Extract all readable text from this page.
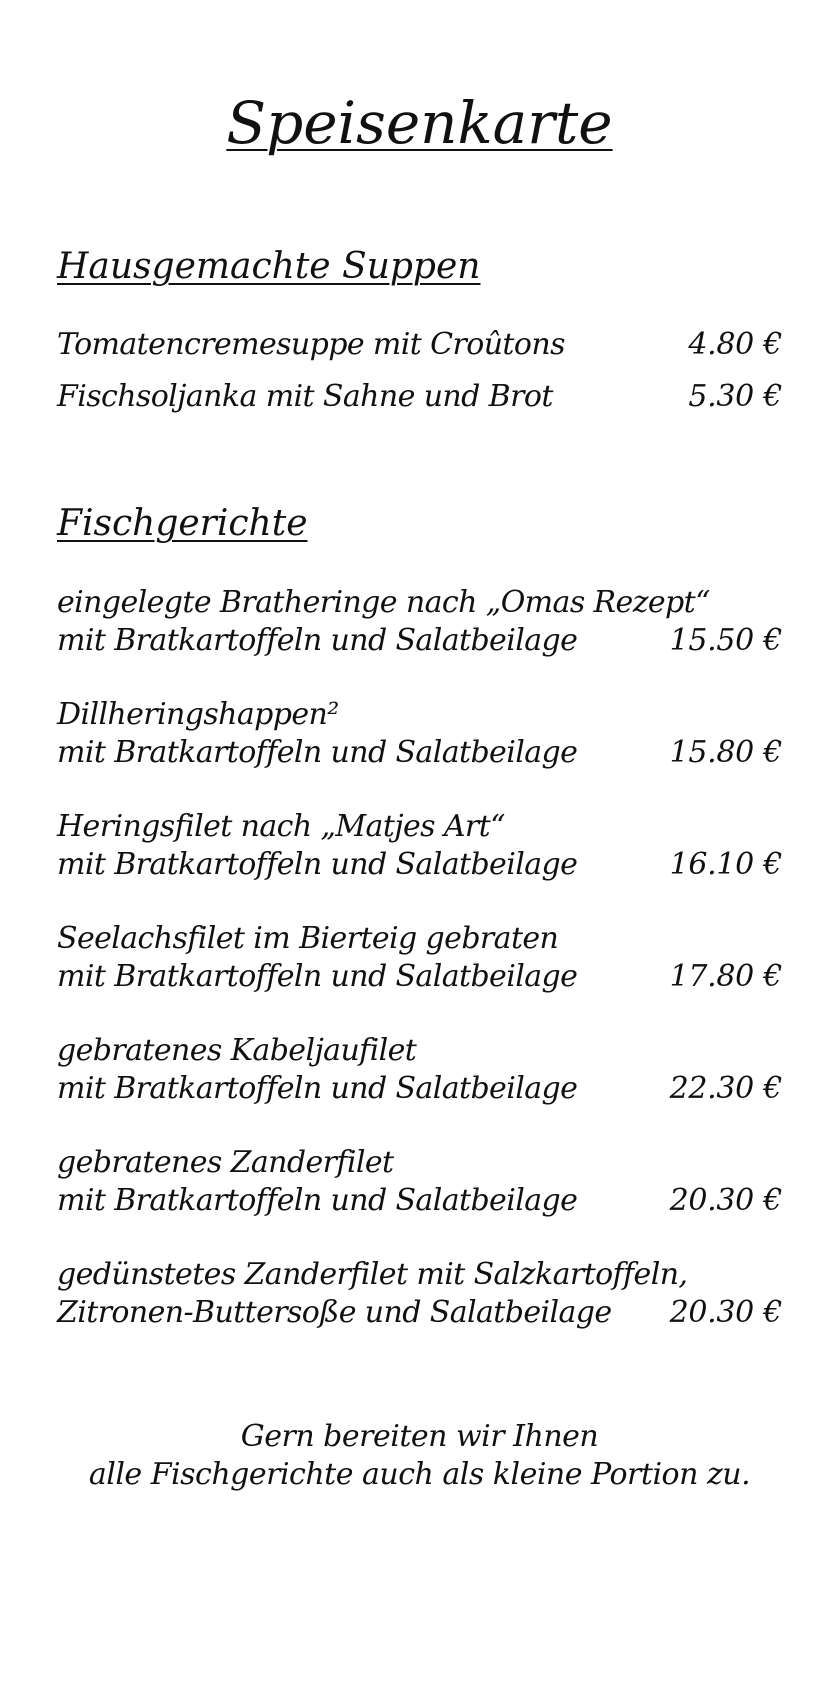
Speisenkarte
Hausgemachte Suppen
Tomatencremesuppe mit Croûtons	4.80 €
Fischsoljanka mit Sahne und Brot	5.30 €
Fischgerichte
eingelegte Bratheringe nach „Omas Rezept“
mit Bratkartoffeln und Salatbeilage	15.50 €
Dillheringshappen²
mit Bratkartoffeln und Salatbeilage	15.80 €
Heringsfilet nach „Matjes Art“
mit Bratkartoffeln und Salatbeilage	16.10 €
Seelachsfilet im Bierteig gebraten
mit Bratkartoffeln und Salatbeilage	17.80 €
gebratenes Kabeljaufilet
mit Bratkartoffeln und Salatbeilage	22.30 €
gebratenes Zanderfilet
mit Bratkartoffeln und Salatbeilage	20.30 €
gedünstetes Zanderfilet mit Salzkartoffeln,
Zitronen-Buttersoße und Salatbeilage	20.30 €
Gern bereiten wir Ihnen
alle Fischgerichte auch als kleine Portion zu.
